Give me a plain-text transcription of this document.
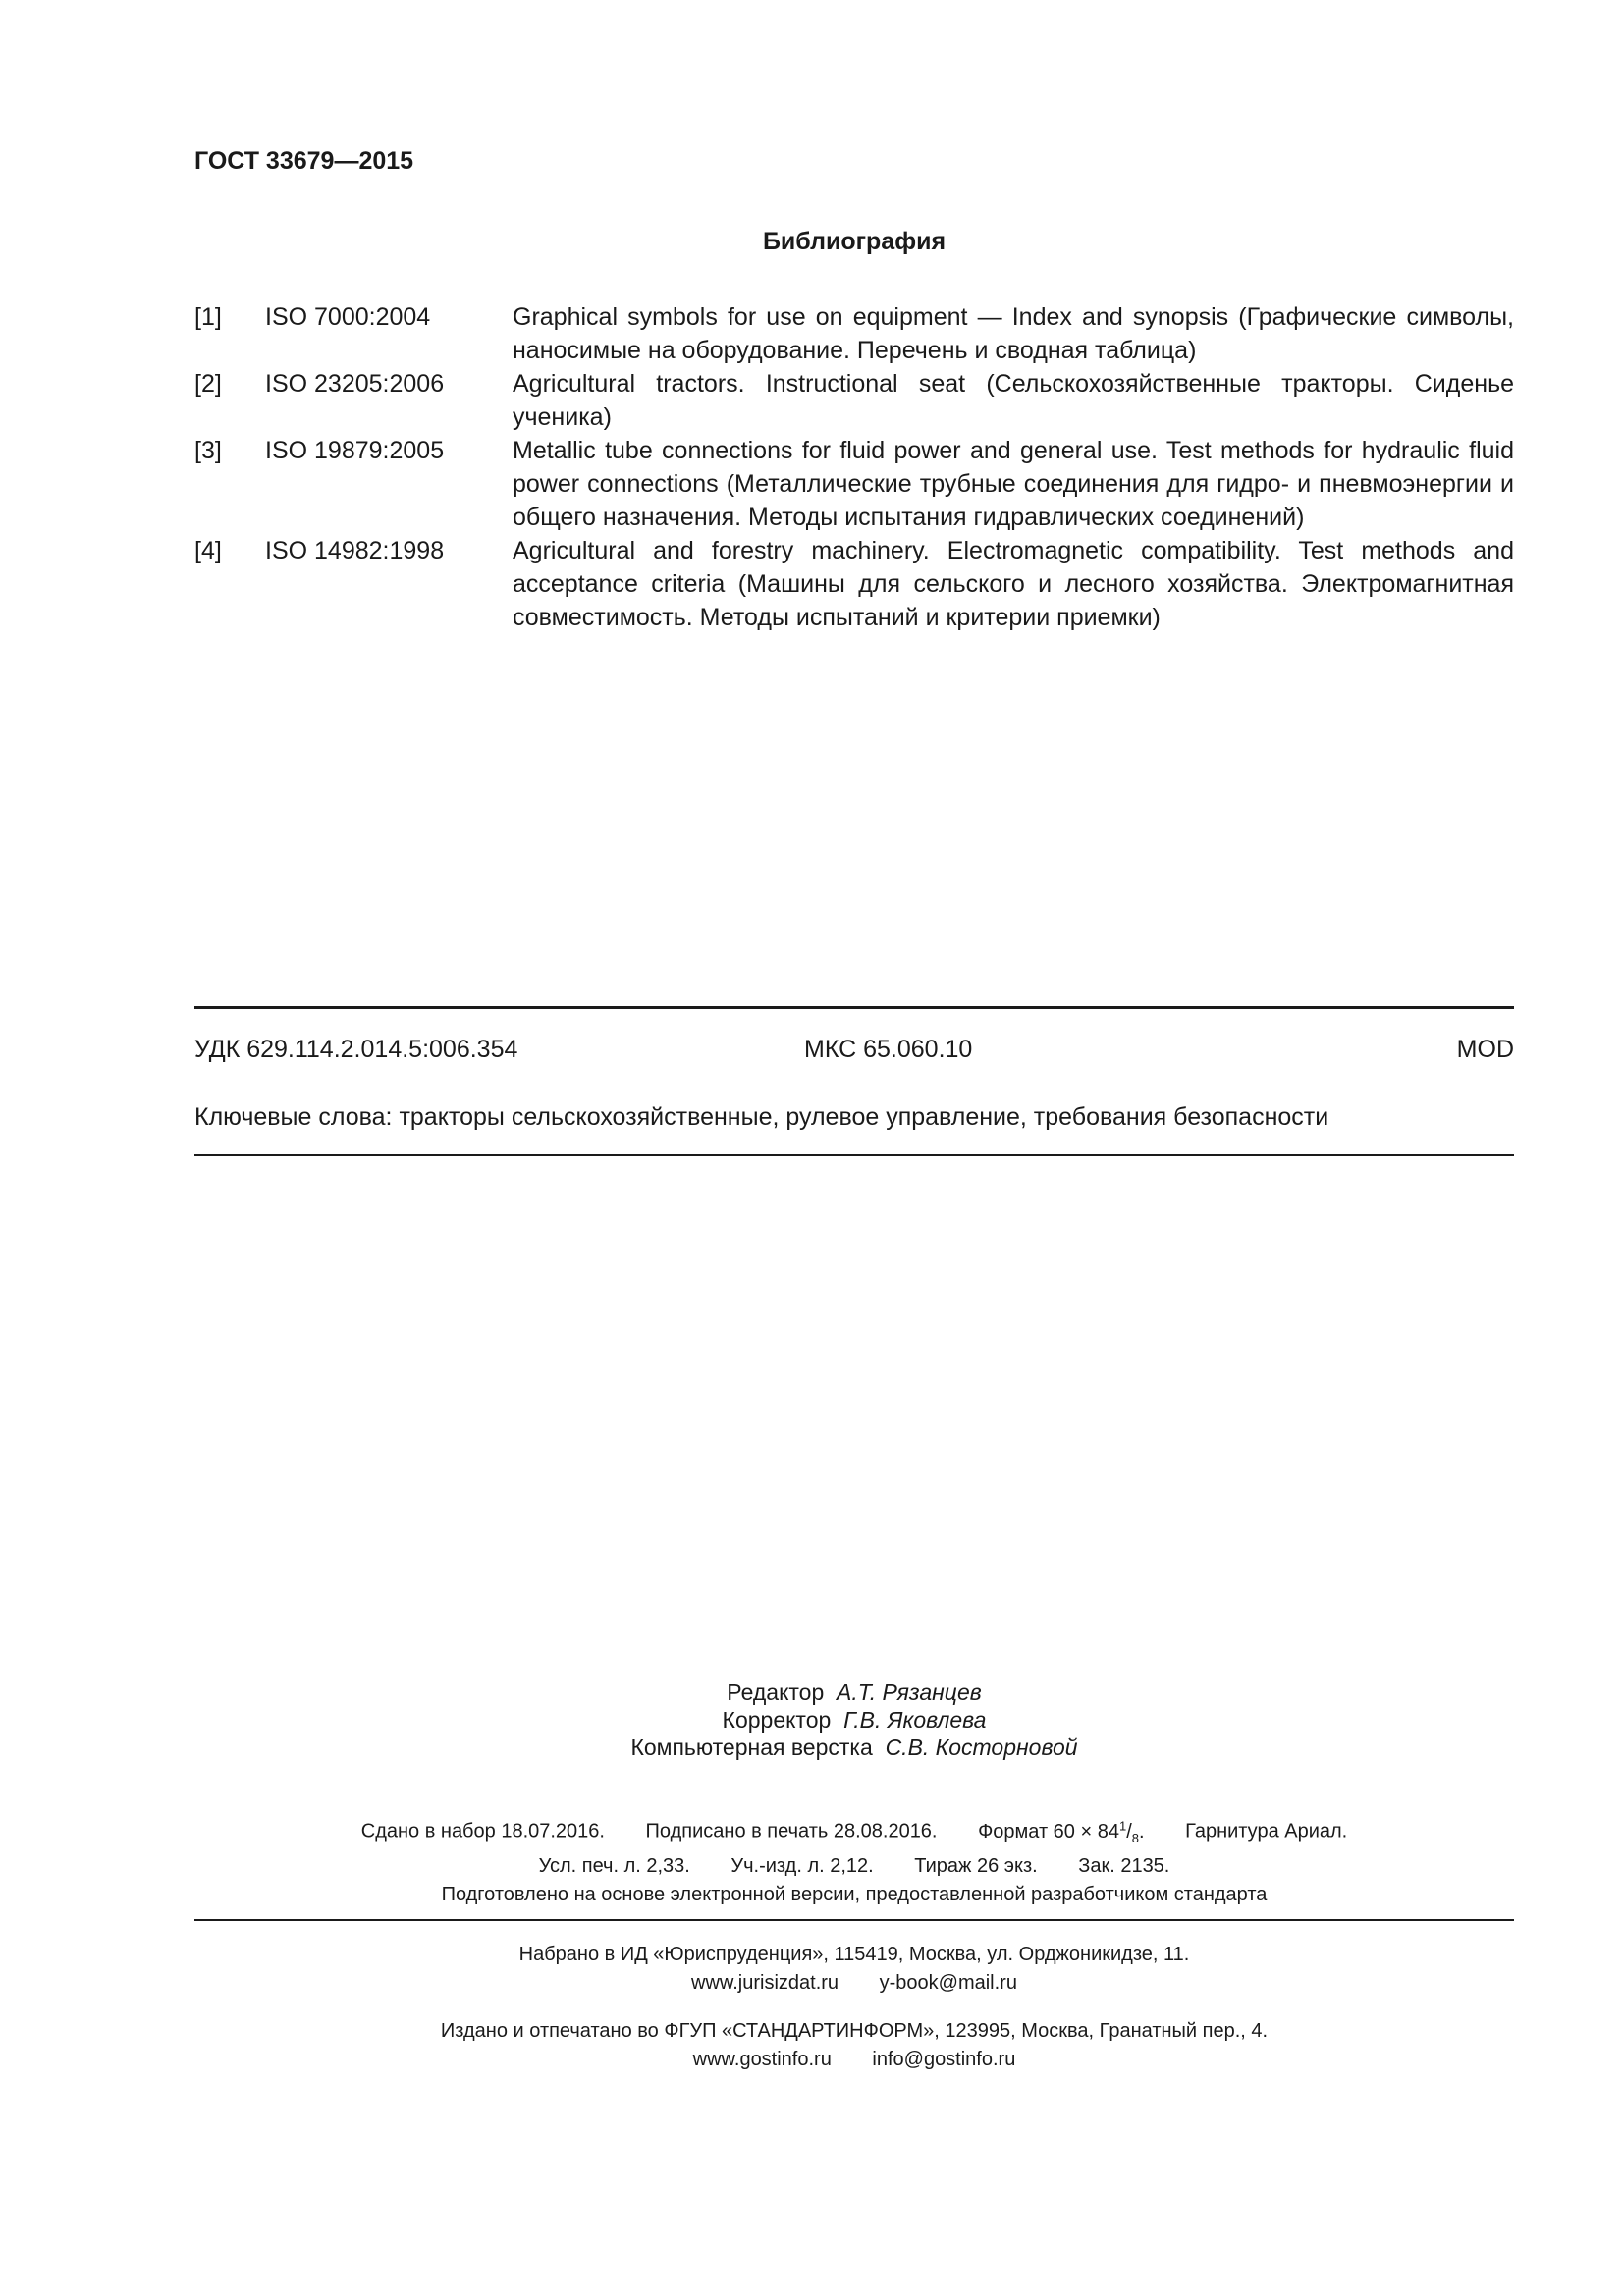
ГОСТ 33679—2015
Библиография
[1]	ISO 7000:2004	Graphical symbols for use on equipment — Index and synopsis (Графические символы, наносимые на оборудование. Перечень и сводная таблица)
[2]	ISO 23205:2006	Agricultural tractors. Instructional seat (Сельскохозяйственные тракторы. Сиденье ученика)
[3]	ISO 19879:2005	Metallic tube connections for fluid power and general use. Test methods for hydraulic fluid power connections (Металлические трубные соединения для гидро- и пневмоэнергии и общего назначения. Методы испытания гидравлических соединений)
[4]	ISO 14982:1998	Agricultural and forestry machinery. Electromagnetic compatibility. Test methods and acceptance criteria (Машины для сельского и лесного хозяйства. Электромагнитная совместимость. Методы испытаний и критерии приемки)
УДК 629.114.2.014.5:006.354	МКС 65.060.10	MOD
Ключевые слова: тракторы сельскохозяйственные, рулевое управление, требования безопасности
Редактор А.Т. Рязанцев
Корректор Г.В. Яковлева
Компьютерная верстка С.В. Косторновой
Сдано в набор 18.07.2016. Подписано в печать 28.08.2016. Формат $60 \times 84^1/_8$. Гарнитура Ариал.
Усл. печ. л. 2,33. Уч.-изд. л. 2,12. Тираж 26 экз. Зак. 2135.
Подготовлено на основе электронной версии, предоставленной разработчиком стандарта
Набрано в ИД «Юриспруденция», 115419, Москва, ул. Орджоникидзе, 11.
www.jurisizdat.ru y-book@mail.ru
Издано и отпечатано во ФГУП «СТАНДАРТИНФОРМ», 123995, Москва, Гранатный пер., 4.
www.gostinfo.ru info@gostinfo.ru
